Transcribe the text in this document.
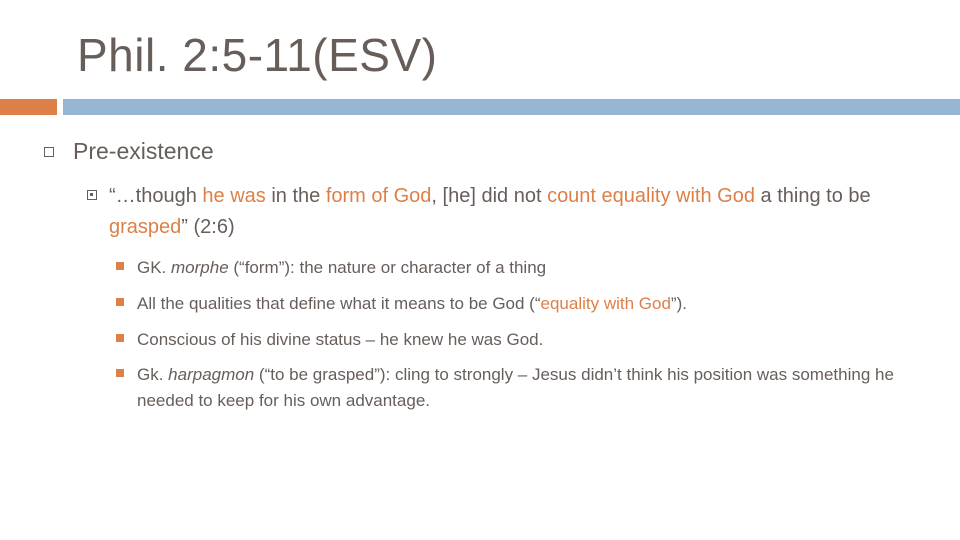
Phil. 2:5-11(ESV)
Pre-existence
“…though he was in the form of God, [he] did not count equality with God a thing to be grasped” (2:6)
GK. morphe (“form”): the nature or character of a thing
All the qualities that define what it means to be God (“equality with God”).
Conscious of his divine status – he knew he was God.
Gk. harpagmon (“to be grasped”): cling to strongly – Jesus didn’t think his position was something he needed to keep for his own advantage.
